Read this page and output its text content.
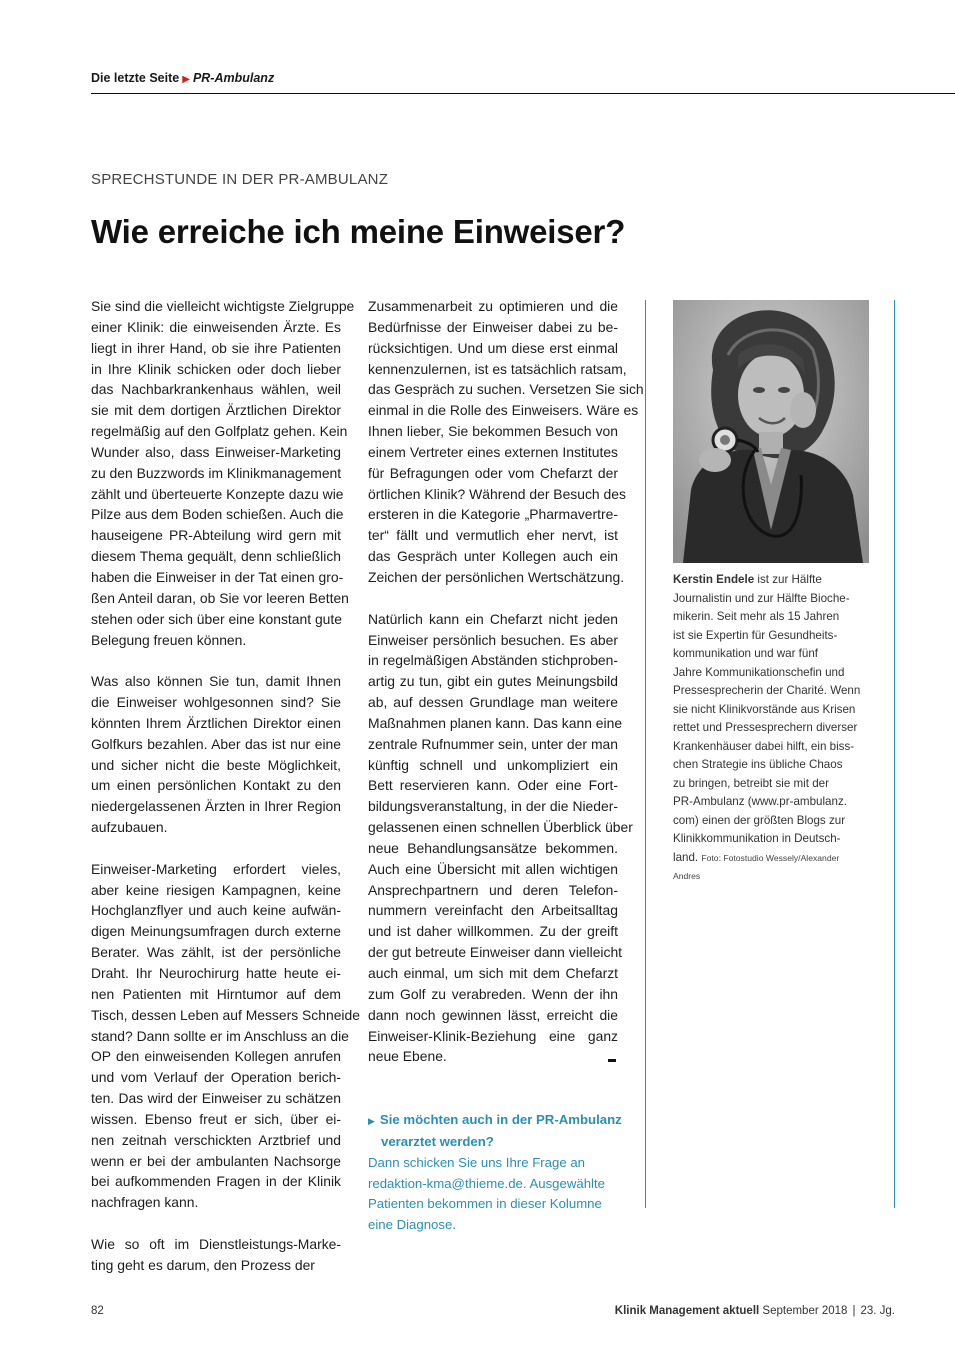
Die letzte Seite ▶ PR-Ambulanz
SPRECHSTUNDE IN DER PR-AMBULANZ
Wie erreiche ich meine Einweiser?
Sie sind die vielleicht wichtigste Zielgruppe
einer Klinik: die einweisenden Ärzte. Es
liegt in ihrer Hand, ob sie ihre Patienten
in Ihre Klinik schicken oder doch lieber
das Nachbarkrankenhaus wählen, weil
sie mit dem dortigen Ärztlichen Direktor
regelmäßig auf den Golfplatz gehen. Kein
Wunder also, dass Einweiser-Marketing
zu den Buzzwords im Klinikmanagement
zählt und überteuerte Konzepte dazu wie
Pilze aus dem Boden schießen. Auch die
hauseigene PR-Abteilung wird gern mit
diesem Thema gequält, denn schließlich
haben die Einweiser in der Tat einen gro-
ßen Anteil daran, ob Sie vor leeren Betten
stehen oder sich über eine konstant gute
Belegung freuen können.
Was also können Sie tun, damit Ihnen
die Einweiser wohlgesonnen sind? Sie
könnten Ihrem Ärztlichen Direktor einen
Golfkurs bezahlen. Aber das ist nur eine
und sicher nicht die beste Möglichkeit,
um einen persönlichen Kontakt zu den
niedergelassenen Ärzten in Ihrer Region
aufzubauen.
Einweiser-Marketing erfordert vieles,
aber keine riesigen Kampagnen, keine
Hochglanzflyer und auch keine aufwän-
digen Meinungsumfragen durch externe
Berater. Was zählt, ist der persönliche
Draht. Ihr Neurochirurg hatte heute ei-
nen Patienten mit Hirntumor auf dem
Tisch, dessen Leben auf Messers Schneide
stand? Dann sollte er im Anschluss an die
OP den einweisenden Kollegen anrufen
und vom Verlauf der Operation berich-
ten. Das wird der Einweiser zu schätzen
wissen. Ebenso freut er sich, über ei-
nen zeitnah verschickten Arztbrief und
wenn er bei der ambulanten Nachsorge
bei aufkommenden Fragen in der Klinik
nachfragen kann.
Wie so oft im Dienstleistungs-Marke-
ting geht es darum, den Prozess der
Zusammenarbeit zu optimieren und die
Bedürfnisse der Einweiser dabei zu be-
rücksichtigen. Und um diese erst einmal
kennenzulernen, ist es tatsächlich ratsam,
das Gespräch zu suchen. Versetzen Sie sich
einmal in die Rolle des Einweisers. Wäre es
Ihnen lieber, Sie bekommen Besuch von
einem Vertreter eines externen Institutes
für Befragungen oder vom Chefarzt der
örtlichen Klinik? Während der Besuch des
ersteren in die Kategorie „Pharmavertre-
ter“ fällt und vermutlich eher nervt, ist
das Gespräch unter Kollegen auch ein
Zeichen der persönlichen Wertschätzung.
Natürlich kann ein Chefarzt nicht jeden
Einweiser persönlich besuchen. Es aber
in regelmäßigen Abständen stichproben-
artig zu tun, gibt ein gutes Meinungsbild
ab, auf dessen Grundlage man weitere
Maßnahmen planen kann. Das kann eine
zentrale Rufnummer sein, unter der man
künftig schnell und unkompliziert ein
Bett reservieren kann. Oder eine Fort-
bildungsveranstaltung, in der die Nieder-
gelassenen einen schnellen Überblick über
neue Behandlungsansätze bekommen.
Auch eine Übersicht mit allen wichtigen
Ansprechpartnern und deren Telefon-
nummern vereinfacht den Arbeitsalltag
und ist daher willkommen. Zu der greift
der gut betreute Einweiser dann vielleicht
auch einmal, um sich mit dem Chefarzt
zum Golf zu verabreden. Wenn der ihn
dann noch gewinnen lässt, erreicht die
Einweiser-Klinik-Beziehung eine ganz
neue Ebene.
▶ Sie möchten auch in der PR-Ambulanz
verarztet werden?
Dann schicken Sie uns Ihre Frage an
redaktion-kma@thieme.de. Ausgewählte
Patienten bekommen in dieser Kolumne
eine Diagnose.
Kerstin Endele ist zur Hälfte
Journalistin und zur Hälfte Bioche-
mikerin. Seit mehr als 15 Jahren
ist sie Expertin für Gesundheits-
kommunikation und war fünf
Jahre Kommunikationschefin und
Pressesprecherin der Charité. Wenn
sie nicht Klinikvorstände aus Krisen
rettet und Pressesprechern diverser
Krankenhäuser dabei hilft, ein biss-
chen Strategie ins übliche Chaos
zu bringen, betreibt sie mit der
PR-Ambulanz (www.pr-ambulanz.
com) einen der größten Blogs zur
Klinikkommunikation in Deutsch-
land. Foto: Fotostudio Wessely/Alexander
Andres
82	Klinik Management aktuell September 2018 | 23. Jg.
